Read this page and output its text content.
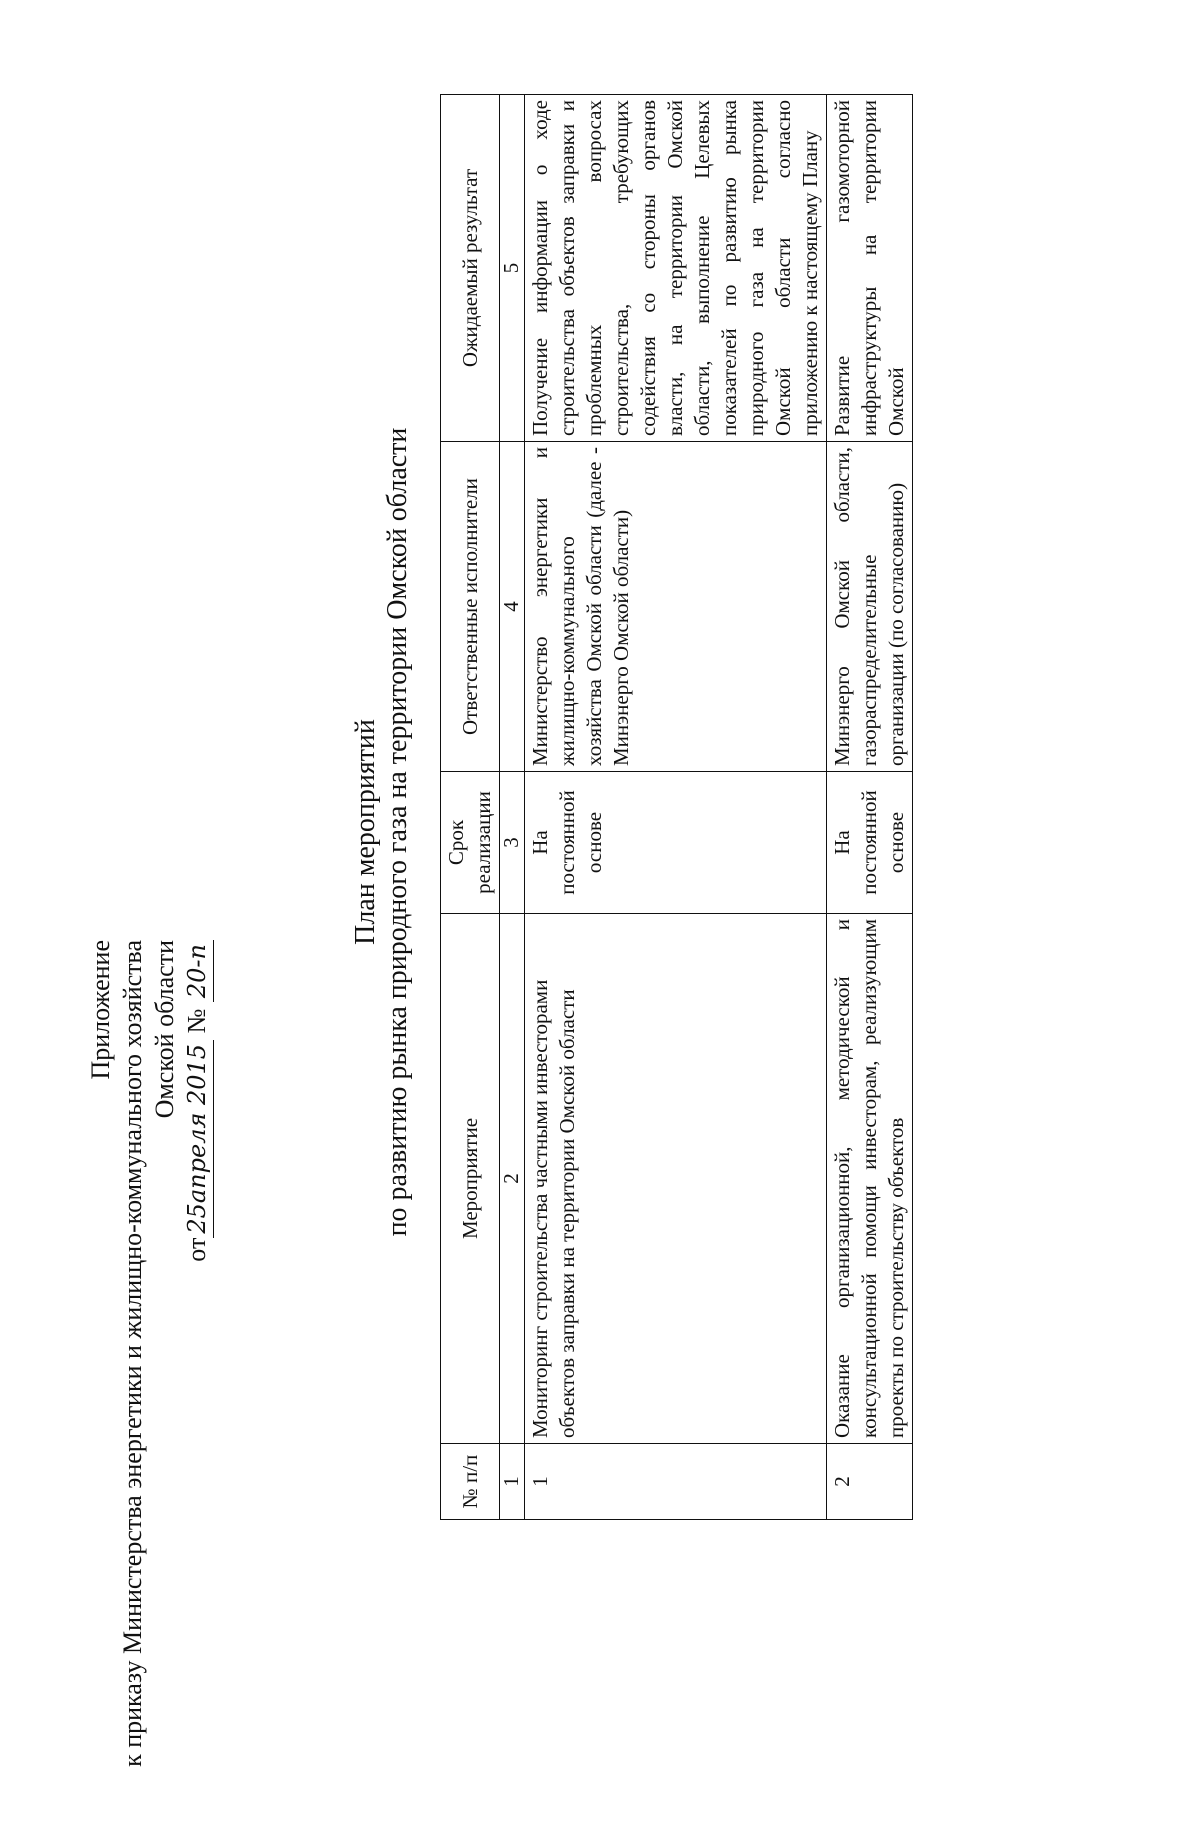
Приложение к приказу Министерства энергетики и жилищно-коммунального хозяйства Омской области
от25апреля 2015 № 20-п
План мероприятий по развитию рынка природного газа на территории Омской области
№ п/п	Мероприятие	Срок реализации	Ответственные исполнители	Ожидаемый результат
1	2	3	4	5
1	Мониторинг строительства частными инвесторами объектов заправки на территории Омской области	На постоянной основе	Министерство энергетики и жилищно-коммунального хозяйства Омской области (далее - Минэнерго Омской области)	Получение информации о ходе строительства объектов заправки и проблемных вопросах строительства, требующих содействия со стороны органов власти, на территории Омской области, выполнение Целевых показателей по развитию рынка природного газа на территории Омской области согласно приложению к настоящему Плану
2	Оказание организационной, методической и консультационной помощи инвесторам, реализующим проекты по строительству объектов	На постоянной основе	Минэнерго Омской области, газораспределительные организации (по согласованию)	Развитие газомоторной инфраструктуры на территории Омской
